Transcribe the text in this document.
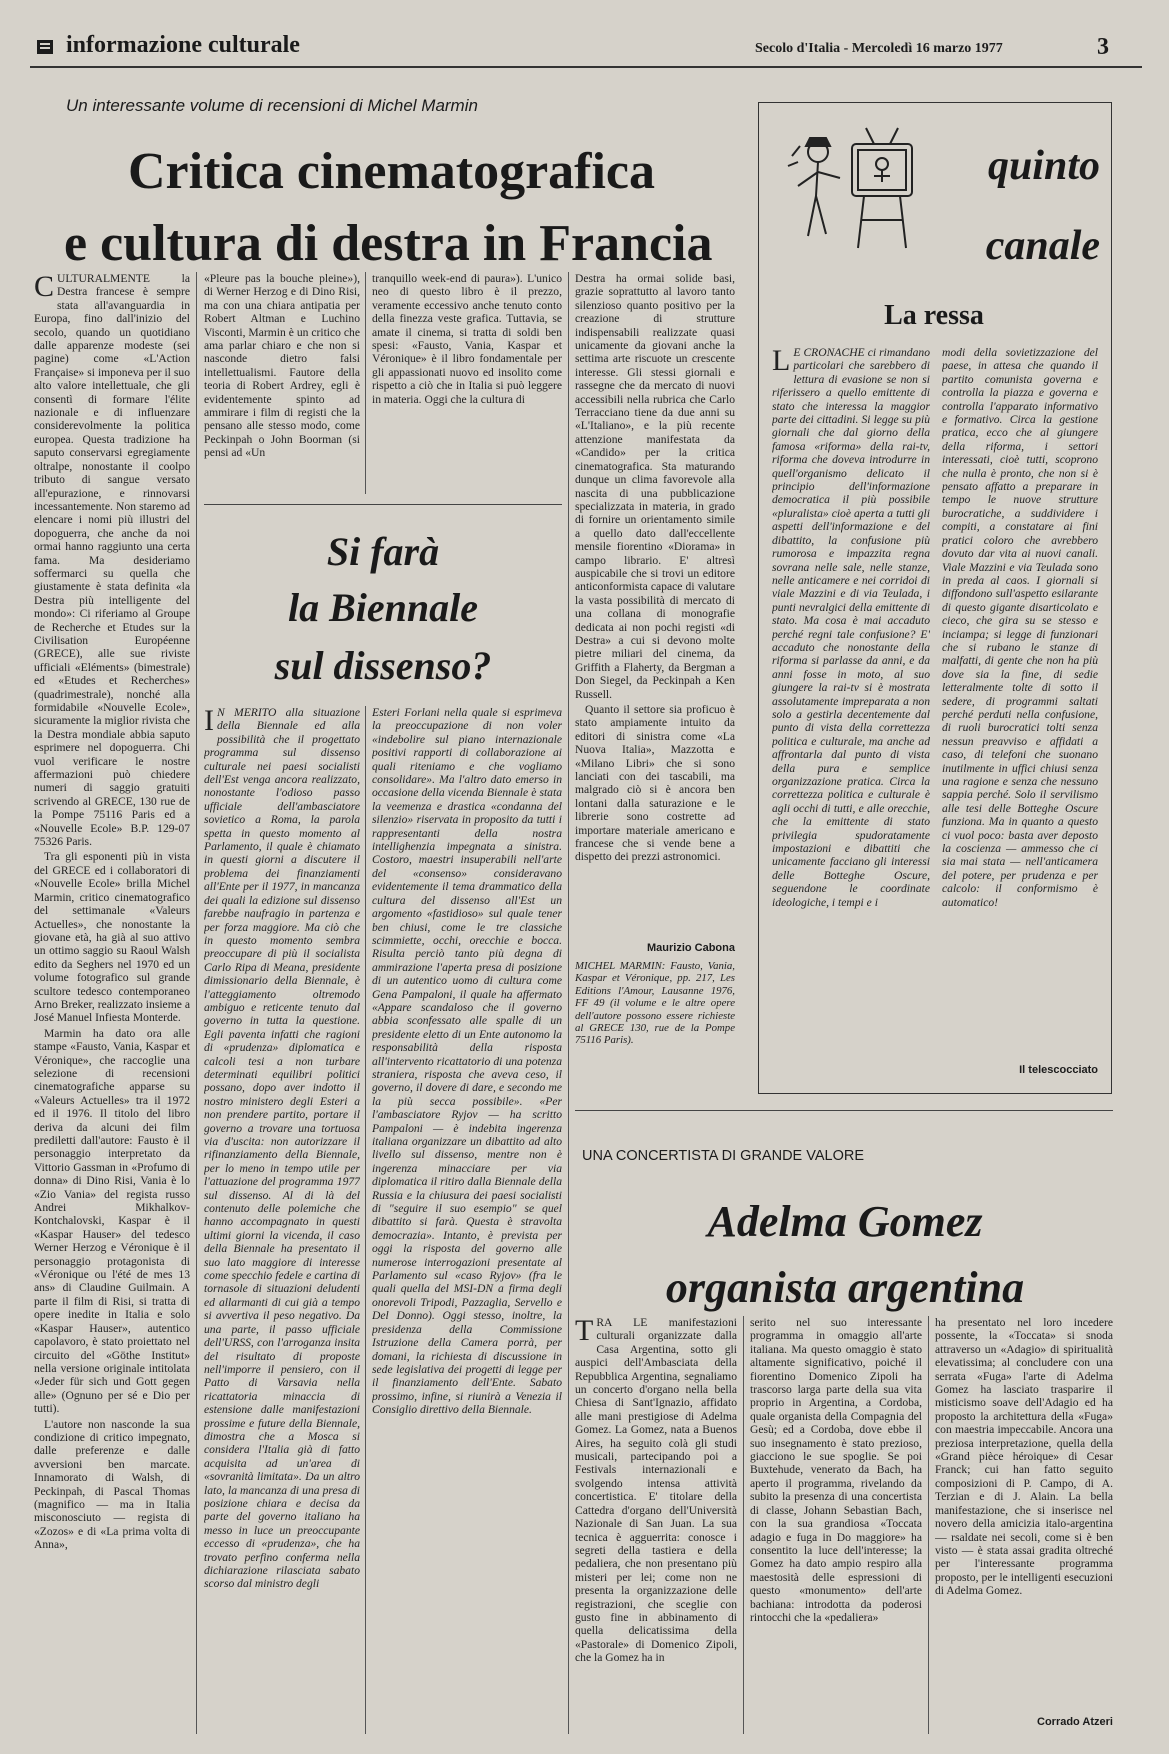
informazione culturale	Secolo d'Italia - Mercoledì 16 marzo 1977	3
Un interessante volume di recensioni di Michel Marmin
Critica cinematografica
e cultura di destra in Francia

CULTURALMENTE la Destra francese è sempre stata all'avanguardia in Europa, fino dall'inizio del secolo, quando un quotidiano dalle apparenze modeste (sei pagine) come «L'Action Française» si imponeva per il suo alto valore intellettuale, che gli consentì di formare l'élite nazionale e di influenzare considerevolmente la politica europea. Questa tradizione ha saputo conservarsi egregiamente oltralpe, nonostante il coolpo tributo di sangue versato all'epurazione, e rinnovarsi incessantemente. Non staremo ad elencare i nomi più illustri del dopoguerra, che anche da noi ormai hanno raggiunto una certa fama. Ma desideriamo soffermarci su quella che giustamente è stata definita «la Destra più intelligente del mondo»: Ci riferiamo al Groupe de Recherche et Etudes sur la Civilisation Européenne (GRECE), alle sue riviste ufficiali «Eléments» (bimestrale) ed «Etudes et Recherches» (quadrimestrale), nonché alla formidabile «Nouvelle Ecole», sicuramente la miglior rivista che la Destra mondiale abbia saputo esprimere nel dopoguerra. Chi vuol verificare le nostre affermazioni può chiedere numeri di saggio gratuiti scrivendo al GRECE, 130 rue de la Pompe 75116 Paris ed a «Nouvelle Ecole» B.P. 129-07 75326 Paris.

Tra gli esponenti più in vista del GRECE ed i collaboratori di «Nouvelle Ecole» brilla Michel Marmin, critico cinematografico del settimanale «Valeurs Actuelles», che nonostante la giovane età, ha già al suo attivo un ottimo saggio su Raoul Walsh edito da Seghers nel 1970 ed un volume fotografico sul grande scultore tedesco contemporaneo Arno Breker, realizzato insieme a José Manuel Infiesta Monterde.

Marmin ha dato ora alle stampe «Fausto, Vania, Kaspar et Véronique», che raccoglie una selezione di recensioni cinematografiche apparse su «Valeurs Actuelles» tra il 1972 ed il 1976. Il titolo del libro deriva da alcuni dei film prediletti dall'autore: Fausto è il personaggio interpretato da Vittorio Gassman in «Profumo di donna» di Dino Risi, Vania è lo «Zio Vania» del regista russo Andrei Mikhalkov-Kontchalovski, Kaspar è il «Kaspar Hauser» del tedesco Werner Herzog e Véronique è il personaggio protagonista di «Véronique ou l'été de mes 13 ans» di Claudine Guilmain. A parte il film di Risi, si tratta di opere inedite in Italia e solo «Kaspar Hauser», autentico capolavoro, è stato proiettato nel circuito del «Göthe Institut» nella versione originale intitolata «Jeder für sich und Gott gegen alle» (Ognuno per sé e Dio per tutti).

L'autore non nasconde la sua condizione di critico impegnato, dalle preferenze e dalle avversioni ben marcate. Innamorato di Walsh, di Peckinpah, di Pascal Thomas (magnifico — ma in Italia misconosciuto — regista di «Zozos» e di «La prima volta di Anna»,

«Pleure pas la bouche pleine»), di Werner Herzog e di Dino Risi, ma con una chiara antipatia per Robert Altman e Luchino Visconti, Marmin è un critico che ama parlar chiaro e che non si nasconde dietro falsi intellettualismi. Fautore della teoria di Robert Ardrey, egli è evidentemente spinto ad ammirare i film di registi che la pensano alle stesso modo, come Peckinpah o John Boorman (si pensi ad «Un

tranquillo week-end di paura»). L'unico neo di questo libro è il prezzo, veramente eccessivo anche tenuto conto della finezza veste grafica. Tuttavia, se amate il cinema, si tratta di soldi ben spesi: «Fausto, Vania, Kaspar et Véronique» è il libro fondamentale per gli appassionati nuovo ed insolito come rispetto a ciò che in Italia si può leggere in materia. Oggi che la cultura di

Destra ha ormai solide basi, grazie soprattutto al lavoro tanto silenzioso quanto positivo per la creazione di strutture indispensabili realizzate quasi unicamente da giovani anche la settima arte riscuote un crescente interesse. Gli stessi giornali e rassegne che da mercato di nuovi accessibili nella rubrica che Carlo Terracciano tiene da due anni su «L'Italiano», e la più recente attenzione manifestata da «Candido» per la critica cinematografica. Sta maturando dunque un clima favorevole alla nascita di una pubblicazione specializzata in materia, in grado di fornire un orientamento simile a quello dato dall'eccellente mensile fiorentino «Diorama» in campo librario. E' altresì auspicabile che si trovi un editore anticonformista capace di valutare la vasta possibilità di mercato di una collana di monografie dedicata ai non pochi registi «di Destra» a cui si devono molte pietre miliari del cinema, da Griffith a Flaherty, da Bergman a Don Siegel, da Peckinpah a Ken Russell.

Quanto il settore sia proficuo è stato ampiamente intuito da editori di sinistra come «La Nuova Italia», Mazzotta e «Milano Libri» che si sono lanciati con dei tascabili, ma malgrado ciò si è ancora ben lontani dalla saturazione e le librerie sono costrette ad importare materiale americano e francese che si vende bene a dispetto dei prezzi astronomici.

Maurizio Cabona
MICHEL MARMIN: Fausto, Vania, Kaspar et Véronique, pp. 217, Les Editions l'Amour, Lausanne 1976, FF 49 (il volume e le altre opere dell'autore possono essere richieste al GRECE 130, rue de la Pompe 75116 Paris).
Si farà
la Biennale
sul dissenso?

I N MERITO alla situazione della Biennale ed alla possibilità che il progettato programma sul dissenso culturale nei paesi socialisti dell'Est venga ancora realizzato, nonostante l'odioso passo ufficiale dell'ambasciatore sovietico a Roma, la parola spetta in questo momento al Parlamento, il quale è chiamato in questi giorni a discutere il problema dei finanziamenti all'Ente per il 1977, in mancanza dei quali la edizione sul dissenso farebbe naufragio in partenza e per forza maggiore. Ma ciò che in questo momento sembra preoccupare di più il socialista Carlo Ripa di Meana, presidente dimissionario della Biennale, è l'atteggiamento oltremodo ambiguo e reticente tenuto dal governo in tutta la questione. Egli paventa infatti che ragioni di «prudenza» diplomatica e calcoli tesi a non turbare determinati equilibri politici possano, dopo aver indotto il nostro ministero degli Esteri a non prendere partito, portare il governo a trovare una tortuosa via d'uscita: non autorizzare il rifinanziamento della Biennale, per lo meno in tempo utile per l'attuazione del programma 1977 sul dissenso. Al di là del contenuto delle polemiche che hanno accompagnato in questi ultimi giorni la vicenda, il caso della Biennale ha presentato il suo lato maggiore di interesse come specchio fedele e cartina di tornasole di situazioni deludenti ed allarmanti di cui già a tempo si avvertiva il peso negativo. Da una parte, il passo ufficiale dell'URSS, con l'arroganza insita del risultato di proposte nell'imporre il pensiero, con il Patto di Varsavia nella ricattatoria minaccia di estensione dalle manifestazioni prossime e future della Biennale, dimostra che a Mosca si considera l'Italia già di fatto acquisita ad un'area di «sovranità limitata». Da un altro lato, la mancanza di una presa di posizione chiara e decisa da parte del governo italiano ha messo in luce un preoccupante eccesso di «prudenza», che ha trovato perfino conferma nella dichiarazione rilasciata sabato scorso dal ministro degli

Esteri Forlani nella quale si esprimeva la preoccupazione di non voler «indebolire sul piano internazionale positivi rapporti di collaborazione ai quali riteniamo e che vogliamo consolidare». Ma l'altro dato emerso in occasione della vicenda Biennale è stata la veemenza e drastica «condanna del silenzio» riservata in proposito da tutti i rappresentanti della nostra intellighenzia impegnata a sinistra. Costoro, maestri insuperabili nell'arte del «consenso» consideravano evidentemente il tema drammatico della cultura del dissenso all'Est un argomento «fastidioso» sul quale tener ben chiusi, come le tre classiche scimmiette, occhi, orecchie e bocca. Risulta perciò tanto più degna di ammirazione l'aperta presa di posizione di un autentico uomo di cultura come Gena Pampaloni, il quale ha affermato «Appare scandaloso che il governo abbia sconfessato alle spalle di un presidente eletto di un Ente autonomo la responsabilità della risposta all'intervento ricattatorio di una potenza straniera, risposta che aveva ceso, il governo, il dovere di dare, e secondo me la più secca possibile». «Per l'ambasciatore Ryjov — ha scritto Pampaloni — è indebita ingerenza italiana organizzare un dibattito ad alto livello sul dissenso, mentre non è ingerenza minacciare per via diplomatica il ritiro dalla Biennale della Russia e la chiusura dei paesi socialisti di "seguire il suo esempio" se quel dibattito si farà. Questa è stravolta democrazia». Intanto, è prevista per oggi la risposta del governo alle numerose interrogazioni presentate al Parlamento sul «caso Ryjov» (fra le quali quella del MSI-DN a firma degli onorevoli Tripodi, Pazzaglia, Servello e Del Donno). Oggi stesso, inoltre, la presidenza della Commissione Istruzione della Camera porrà, per domani, la richiesta di discussione in sede legislativa dei progetti di legge per il finanziamento dell'Ente. Sabato prossimo, infine, si riunirà a Venezia il Consiglio direttivo della Biennale.

quinto
canale
La ressa

L E CRONACHE ci rimandano particolari che sarebbero di lettura di evasione se non si riferissero a quello emittente di stato che interessa la maggior parte dei cittadini. Si legge su più giornali che dal giorno della famosa «riforma» della rai-tv, riforma che doveva introdurre in quell'organismo delicato il principio dell'informazione democratica il più possibile «pluralista» cioè aperta a tutti gli aspetti dell'informazione e del dibattito, la confusione più rumorosa e impazzita regna sovrana nelle sale, nelle stanze, nelle anticamere e nei corridoi di viale Mazzini e di via Teulada, i punti nevralgici della emittente di stato. Ma cosa è mai accaduto perché regni tale confusione? E' accaduto che nonostante della riforma si parlasse da anni, e da anni fosse in moto, al suo giungere la rai-tv si è mostrata assolutamente impreparata a non solo a gestirla decentemente dal punto di vista della correttezza politica e culturale, ma anche ad affrontarla dal punto di vista della pura e semplice organizzazione pratica. Circa la correttezza politica e culturale è agli occhi di tutti, e alle orecchie, che la emittente di stato privilegia spudoratamente impostazioni e dibattiti che unicamente facciano gli interessi delle Botteghe Oscure, seguendone le coordinate ideologiche, i tempi e i

modi della sovietizzazione del paese, in attesa che quando il partito comunista governa e controlla la piazza e governa e controlla l'apparato informativo e formativo. Circa la gestione pratica, ecco che al giungere della riforma, i settori interessati, cioè tutti, scoprono che nulla è pronto, che non si è pensato affatto a preparare in tempo le nuove strutture burocratiche, a suddividere i compiti, a constatare ai fini pratici coloro che avrebbero dovuto dar vita ai nuovi canali. Viale Mazzini e via Teulada sono in preda al caos. I giornali si diffondono sull'aspetto esilarante di questo gigante disarticolato e cieco, che gira su se stesso e inciampa; si legge di funzionari che si rubano le stanze di malfatti, di gente che non ha più dove sia la fine, di sedie letteralmente tolte di sotto il sedere, di programmi saltati perché perduti nella confusione, di ruoli burocratici tolti senza nessun preavviso e affidati a caso, di telefoni che suonano inutilmente in uffici chiusi senza una ragione e senza che nessuno sappia perché. Solo il servilismo alle tesi delle Botteghe Oscure funziona. Ma in quanto a questo ci vuol poco: basta aver deposto la coscienza — ammesso che ci sia mai stata — nell'anticamera del potere, per prudenza e per calcolo: il conformismo è automatico!

Il telescocciato
UNA CONCERTISTA DI GRANDE VALORE
Adelma Gomez
organista argentina

TRA LE manifestazioni culturali organizzate dalla Casa Argentina, sotto gli auspici dell'Ambasciata della Repubblica Argentina, segnaliamo un concerto d'organo nella bella Chiesa di Sant'Ignazio, affidato alle mani prestigiose di Adelma Gomez. La Gomez, nata a Buenos Aires, ha seguito colà gli studi musicali, partecipando poi a Festivals internazionali e svolgendo intensa attività concertistica. E' titolare della Cattedra d'organo dell'Università Nazionale di San Juan. La sua tecnica è agguerrita: conosce i segreti della tastiera e della pedaliera, che non presentano più misteri per lei; come non ne presenta la organizzazione delle registrazioni, che sceglie con gusto fine in abbinamento di quella delicatissima della «Pastorale» di Domenico Zipoli, che la Gomez ha in

serito nel suo interessante programma in omaggio all'arte italiana. Ma questo omaggio è stato altamente significativo, poiché il fiorentino Domenico Zipoli ha trascorso larga parte della sua vita proprio in Argentina, a Cordoba, quale organista della Compagnia del Gesù; ed a Cordoba, dove ebbe il suo insegnamento è stato prezioso, giacciono le sue spoglie. Se poi Buxtehude, venerato da Bach, ha aperto il programma, rivelando da subito la presenza di una concertista di classe, Johann Sebastian Bach, con la sua grandiosa «Toccata adagio e fuga in Do maggiore» ha consentito la luce dell'interesse; la Gomez ha dato ampio respiro alla maestosità delle espressioni di questo «monumento» dell'arte bachiana: introdotta da poderosi rintocchi che la «pedaliera»

ha presentato nel loro incedere possente, la «Toccata» si snoda attraverso un «Adagio» di spiritualità elevatissima; al concludere con una serrata «Fuga» l'arte di Adelma Gomez ha lasciato trasparire il misticismo soave dell'Adagio ed ha proposto la architettura della «Fuga» con maestria impeccabile. Ancora una preziosa interpretazione, quella della «Grand pièce héroique» di Cesar Franck; cui han fatto seguito composizioni di P. Campo, di A. Terzian e di J. Alain. La bella manifestazione, che si inserisce nel novero della amicizia italo-argentina — rsaldate nei secoli, come si è ben visto — è stata assai gradita oltreché per l'interessante programma proposto, per le intelligenti esecuzioni di Adelma Gomez.

Corrado Atzeri
